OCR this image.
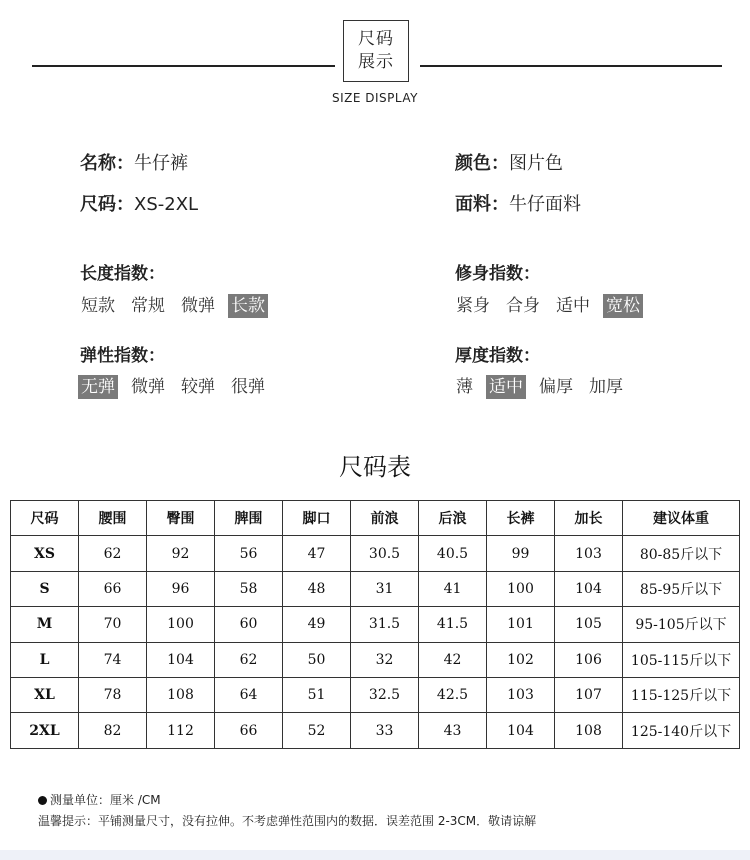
尺码
展示
SIZE DISPLAY
名称：牛仔裤	颜色：图片色
尺码：XS-2XL	面料：牛仔面料
长度指数：
短款 常规 微弹 长款
修身指数：
紧身 合身 适中 宽松
弹性指数：
无弹 微弹 较弹 很弹
厚度指数：
薄 适中 偏厚 加厚
尺码表
尺码	腰围	臀围	脾围	脚口	前浪	后浪	长裤	加长	建议体重
XS	62	92	56	47	30.5	40.5	99	103	80-85斤以下
S	66	96	58	48	31	41	100	104	85-95斤以下
M	70	100	60	49	31.5	41.5	101	105	95-105斤以下
L	74	104	62	50	32	42	102	106	105-115斤以下
XL	78	108	64	51	32.5	42.5	103	107	115-125斤以下
2XL	82	112	66	52	33	43	104	108	125-140斤以下
测量单位：厘米 /CM
温馨提示：平铺测量尺寸，没有拉伸。不考虑弹性范围内的数据．误差范围 2-3CM．敬请谅解
